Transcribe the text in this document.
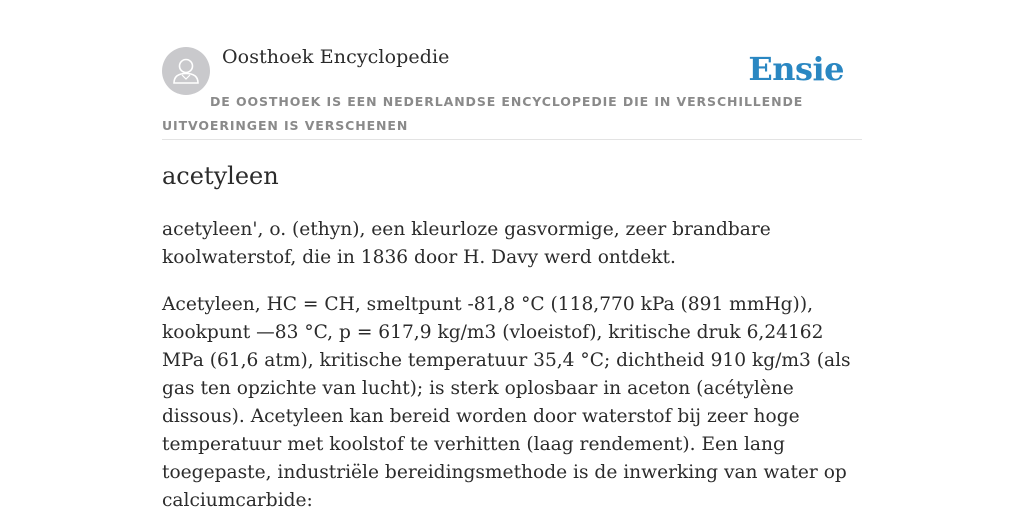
Oosthoek Encyclopedie	Ensie
DE OOSTHOEK IS EEN NEDERLANDSE ENCYCLOPEDIE DIE IN VERSCHILLENDE UITVOERINGEN IS VERSCHENEN
acetyleen

acetyleen', o. (ethyn), een kleurloze gasvormige, zeer brandbare koolwaterstof, die in 1836 door H. Davy werd ontdekt.

Acetyleen, HC = CH, smeltpunt -81,8 °C (118,770 kPa (891 mmHg)), kookpunt —83 °C, p = 617,9 kg/m3 (vloeistof), kritische druk 6,24162 MPa (61,6 atm), kritische temperatuur 35,4 °C; dichtheid 910 kg/m3 (als gas ten opzichte van lucht); is sterk oplosbaar in aceton (acétylène dissous). Acetyleen kan bereid worden door waterstof bij zeer hoge temperatuur met koolstof te verhitten (laag rendement). Een lang toegepaste, industriële bereidingsmethode is de inwerking van water op calciumcarbide:
